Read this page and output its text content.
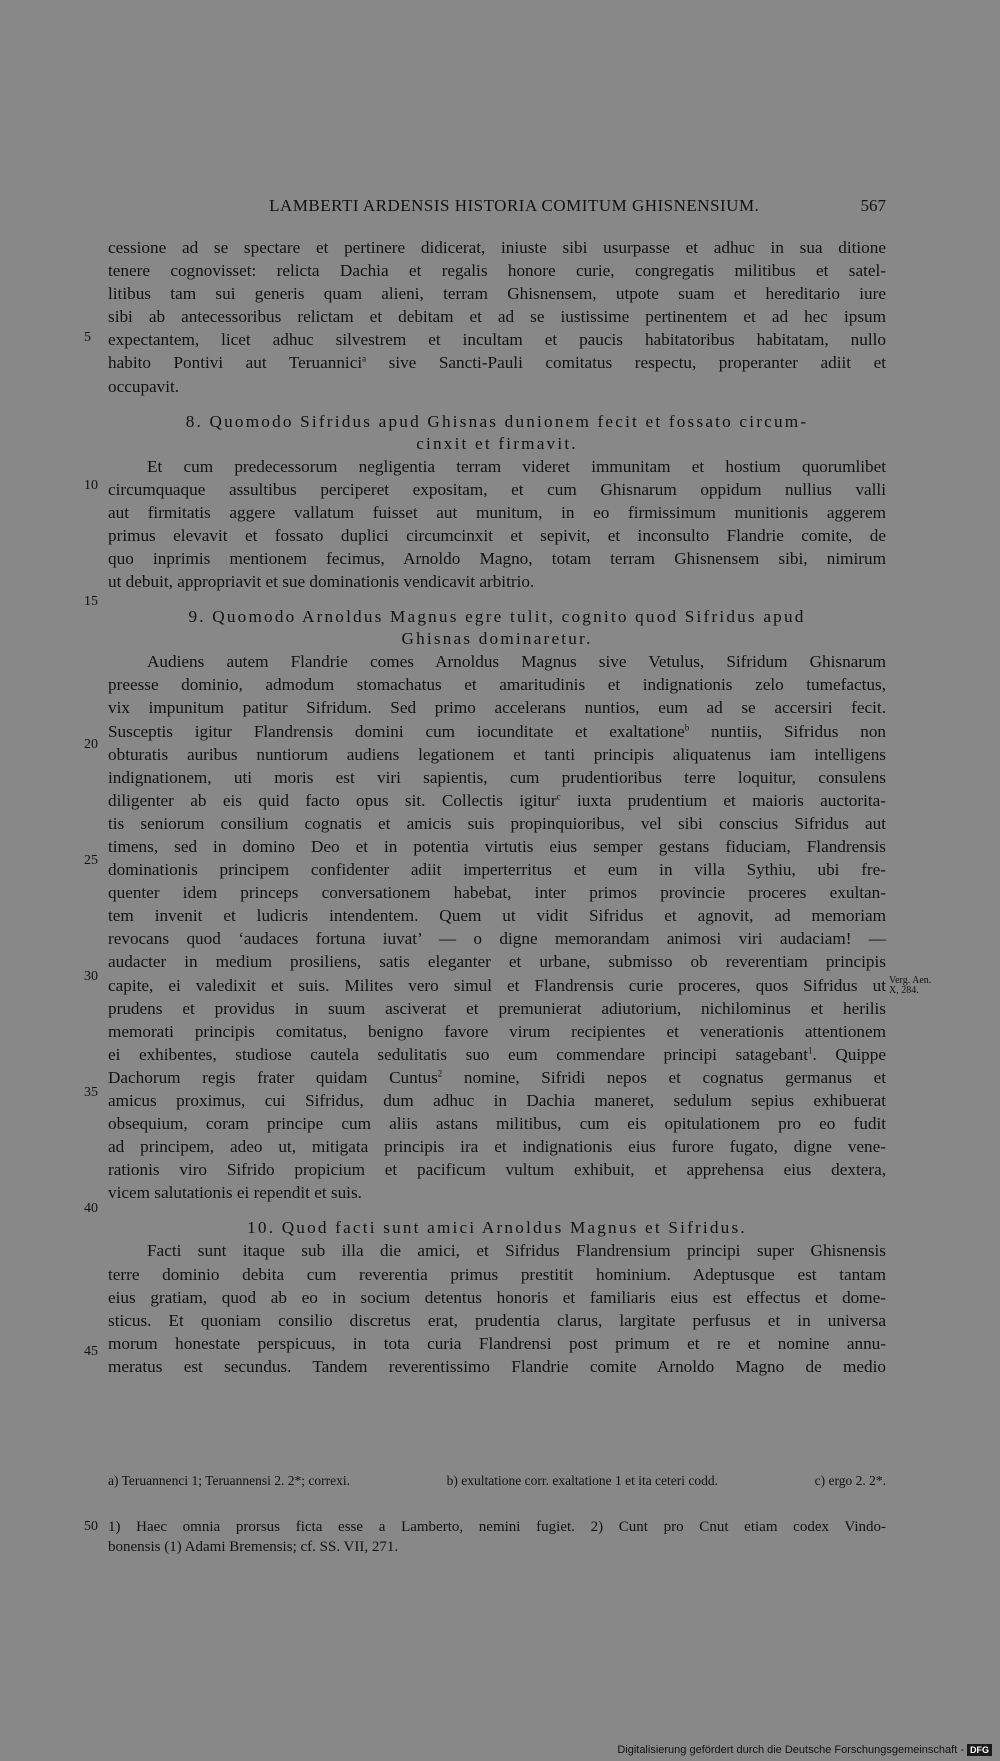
LAMBERTI ARDENSIS HISTORIA COMITUM GHISNENSIUM.	567
5
10
15
20
25
30
35
40
45
50
Verg. Aen.
X, 284.
cessione ad se spectare et pertinere didicerat, iniuste sibi usurpasse et adhuc in sua ditione
tenere cognovisset: relicta Dachia et regalis honore curie, congregatis militibus et satel-
litibus tam sui generis quam alieni, terram Ghisnensem, utpote suam et hereditario iure
sibi ab antecessoribus relictam et debitam et ad se iustissime pertinentem et ad hec ipsum
expectantem, licet adhuc silvestrem et incultam et paucis habitatoribus habitatam, nullo
habito Pontivi aut Teruannici$^a$ sive Sancti-Pauli comitatus respectu, properanter adiit et
occupavit.
8. Quomodo Sifridus apud Ghisnas dunionem fecit et fossato circum-
cinxit et firmavit.
Et cum predecessorum negligentia terram videret immunitam et hostium quorumlibet
circumquaque assultibus perciperet expositam, et cum Ghisnarum oppidum nullius valli
aut firmitatis aggere vallatum fuisset aut munitum, in eo firmissimum munitionis aggerem
primus elevavit et fossato duplici circumcinxit et sepivit, et inconsulto Flandrie comite, de
quo inprimis mentionem fecimus, Arnoldo Magno, totam terram Ghisnensem sibi, nimirum
ut debuit, appropriavit et sue dominationis vendicavit arbitrio.
9. Quomodo Arnoldus Magnus egre tulit, cognito quod Sifridus apud
Ghisnas dominaretur.
Audiens autem Flandrie comes Arnoldus Magnus sive Vetulus, Sifridum Ghisnarum
preesse dominio, admodum stomachatus et amaritudinis et indignationis zelo tumefactus,
vix impunitum patitur Sifridum. Sed primo accelerans nuntios, eum ad se accersiri fecit.
Susceptis igitur Flandrensis domini cum iocunditate et exaltatione$^b$ nuntiis, Sifridus non
obturatis auribus nuntiorum audiens legationem et tanti principis aliquatenus iam intelligens
indignationem, uti moris est viri sapientis, cum prudentioribus terre loquitur, consulens
diligenter ab eis quid facto opus sit. Collectis igitur$^c$ iuxta prudentium et maioris auctorita-
tis seniorum consilium cognatis et amicis suis propinquioribus, vel sibi conscius Sifridus aut
timens, sed in domino Deo et in potentia virtutis eius semper gestans fiduciam, Flandrensis
dominationis principem confidenter adiit imperterritus et eum in villa Sythiu, ubi fre-
quenter idem princeps conversationem habebat, inter primos provincie proceres exultan-
tem invenit et ludicris intendentem. Quem ut vidit Sifridus et agnovit, ad memoriam
revocans quod ‘audaces fortuna iuvat’ — o digne memorandam animosi viri audaciam! —
audacter in medium prosiliens, satis eleganter et urbane, submisso ob reverentiam principis
capite, ei valedixit et suis. Milites vero simul et Flandrensis curie proceres, quos Sifridus ut
prudens et providus in suum asciverat et premunierat adiutorium, nichilominus et herilis
memorati principis comitatus, benigno favore virum recipientes et venerationis attentionem
ei exhibentes, studiose cautela sedulitatis suo eum commendare principi satagebant$^1$. Quippe
Dachorum regis frater quidam Cuntus$^2$ nomine, Sifridi nepos et cognatus germanus et
amicus proximus, cui Sifridus, dum adhuc in Dachia maneret, sedulum sepius exhibuerat
obsequium, coram principe cum aliis astans militibus, cum eis opitulationem pro eo fudit
ad principem, adeo ut, mitigata principis ira et indignationis eius furore fugato, digne vene-
rationis viro Sifrido propicium et pacificum vultum exhibuit, et apprehensa eius dextera,
vicem salutationis ei rependit et suis.
10. Quod facti sunt amici Arnoldus Magnus et Sifridus.
Facti sunt itaque sub illa die amici, et Sifridus Flandrensium principi super Ghisnensis
terre dominio debita cum reverentia primus prestitit hominium. Adeptusque est tantam
eius gratiam, quod ab eo in socium detentus honoris et familiaris eius est effectus et dome-
sticus. Et quoniam consilio discretus erat, prudentia clarus, largitate perfusus et in universa
morum honestate perspicuus, in tota curia Flandrensi post primum et re et nomine annu-
meratus est secundus. Tandem reverentissimo Flandrie comite Arnoldo Magno de medio
a) Teruannenci 1; Teruannensi 2. 2*; correxi.	b) exultatione corr. exaltatione 1 et ita ceteri codd.	c) ergo 2. 2*.
1) Haec omnia prorsus ficta esse a Lamberto, nemini fugiet. 2) Cunt pro Cnut etiam codex Vindo-
bonensis (1) Adami Bremensis; cf. SS. VII, 271.
Digitalisierung gefördert durch die Deutsche Forschungsgemeinschaft - DFG
